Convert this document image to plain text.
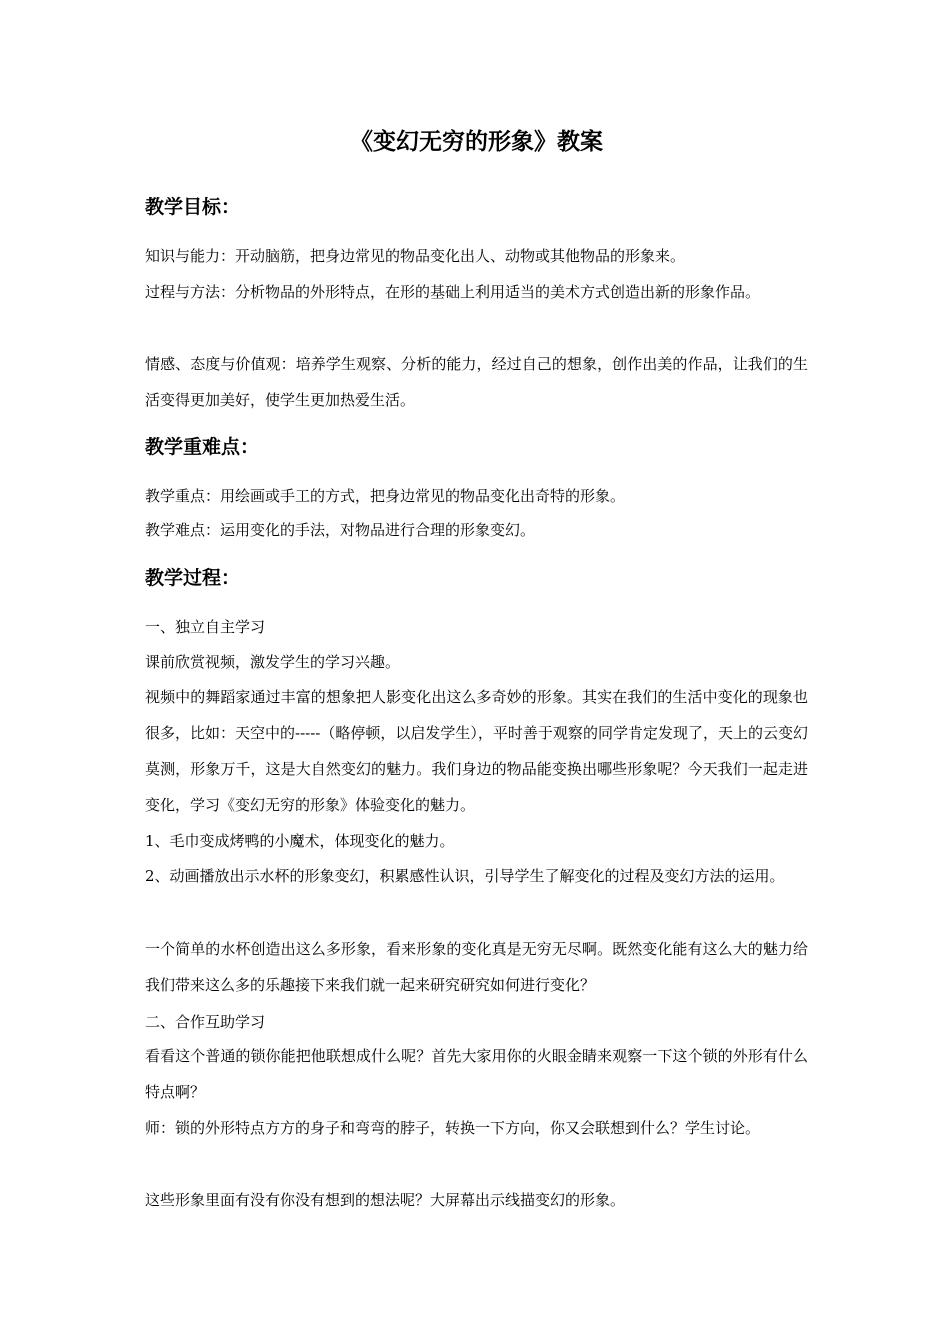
《变幻无穷的形象》教案
教学目标：

知识与能力：开动脑筋，把身边常见的物品变化出人、动物或其他物品的形象来。

过程与方法：分析物品的外形特点，在形的基础上利用适当的美术方式创造出新的形象作品。

情感、态度与价值观：培养学生观察、分析的能力，经过自己的想象，创作出美的作品，让我们的生活变得更加美好，使学生更加热爱生活。

教学重难点：

教学重点：用绘画或手工的方式，把身边常见的物品变化出奇特的形象。

教学难点：运用变化的手法，对物品进行合理的形象变幻。

教学过程：

一、独立自主学习

课前欣赏视频，激发学生的学习兴趣。

视频中的舞蹈家通过丰富的想象把人影变化出这么多奇妙的形象。其实在我们的生活中变化的现象也很多，比如：天空中的-----（略停顿，以启发学生），平时善于观察的同学肯定发现了，天上的云变幻莫测，形象万千，这是大自然变幻的魅力。我们身边的物品能变换出哪些形象呢？今天我们一起走进变化，学习《变幻无穷的形象》体验变化的魅力。

1、毛巾变成烤鸭的小魔术，体现变化的魅力。

2、动画播放出示水杯的形象变幻，积累感性认识，引导学生了解变化的过程及变幻方法的运用。

一个简单的水杯创造出这么多形象，看来形象的变化真是无穷无尽啊。既然变化能有这么大的魅力给我们带来这么多的乐趣接下来我们就一起来研究研究如何进行变化？

二、合作互助学习

看看这个普通的锁你能把他联想成什么呢？首先大家用你的火眼金睛来观察一下这个锁的外形有什么特点啊？

师：锁的外形特点方方的身子和弯弯的脖子，转换一下方向，你又会联想到什么？学生讨论。

这些形象里面有没有你没有想到的想法呢？大屏幕出示线描变幻的形象。
